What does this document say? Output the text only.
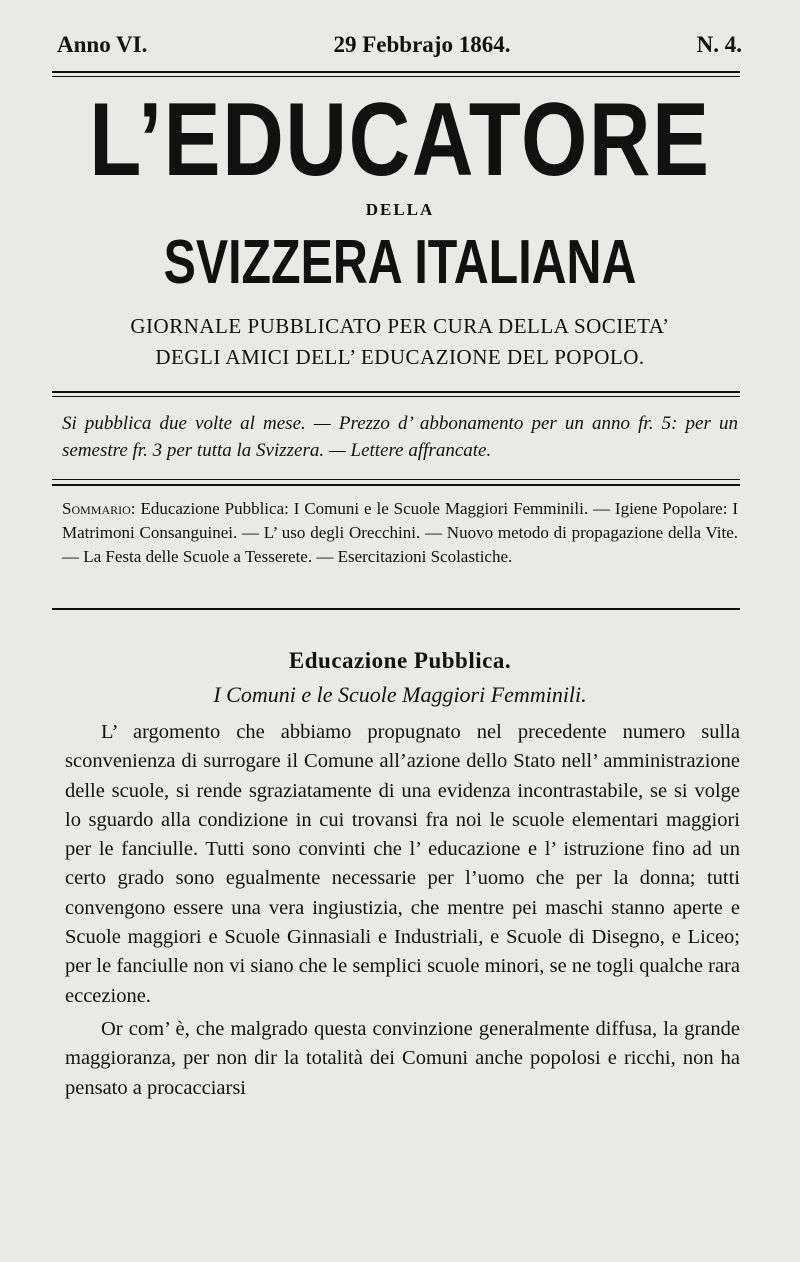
Anno VI.	29 Febbrajo 1864.	N. 4.
L’EDUCATORE
DELLA
SVIZZERA ITALIANA
GIORNALE PUBBLICATO PER CURA DELLA SOCIETA’
DEGLI AMICI DELL’ EDUCAZIONE DEL POPOLO.
Si pubblica due volte al mese. — Prezzo d’ abbonamento per un anno fr. 5: per un semestre fr. 3 per tutta la Svizzera. — Lettere affrancate.
Sommario: Educazione Pubblica: I Comuni e le Scuole Maggiori Femminili. — Igiene Popolare: I Matrimoni Consanguinei. — L’ uso degli Orecchini. — Nuovo metodo di propagazione della Vite. — La Festa delle Scuole a Tesserete. — Esercitazioni Scolastiche.
Educazione Pubblica.
I Comuni e le Scuole Maggiori Femminili.

L’ argomento che abbiamo propugnato nel precedente numero sulla sconvenienza di surrogare il Comune all’azione dello Stato nell’ amministrazione delle scuole, si rende sgraziatamente di una evidenza incontrastabile, se si volge lo sguardo alla condizione in cui trovansi fra noi le scuole elementari maggiori per le fanciulle. Tutti sono convinti che l’ educazione e l’ istruzione fino ad un certo grado sono egualmente necessarie per l’uomo che per la donna; tutti convengono essere una vera ingiustizia, che mentre pei maschi stanno aperte e Scuole maggiori e Scuole Ginnasiali e Industriali, e Scuole di Disegno, e Liceo; per le fanciulle non vi siano che le semplici scuole minori, se ne togli qualche rara eccezione.

Or com’ è, che malgrado questa convinzione generalmente diffusa, la grande maggioranza, per non dir la totalità dei Comuni anche popolosi e ricchi, non ha pensato a procacciarsi
